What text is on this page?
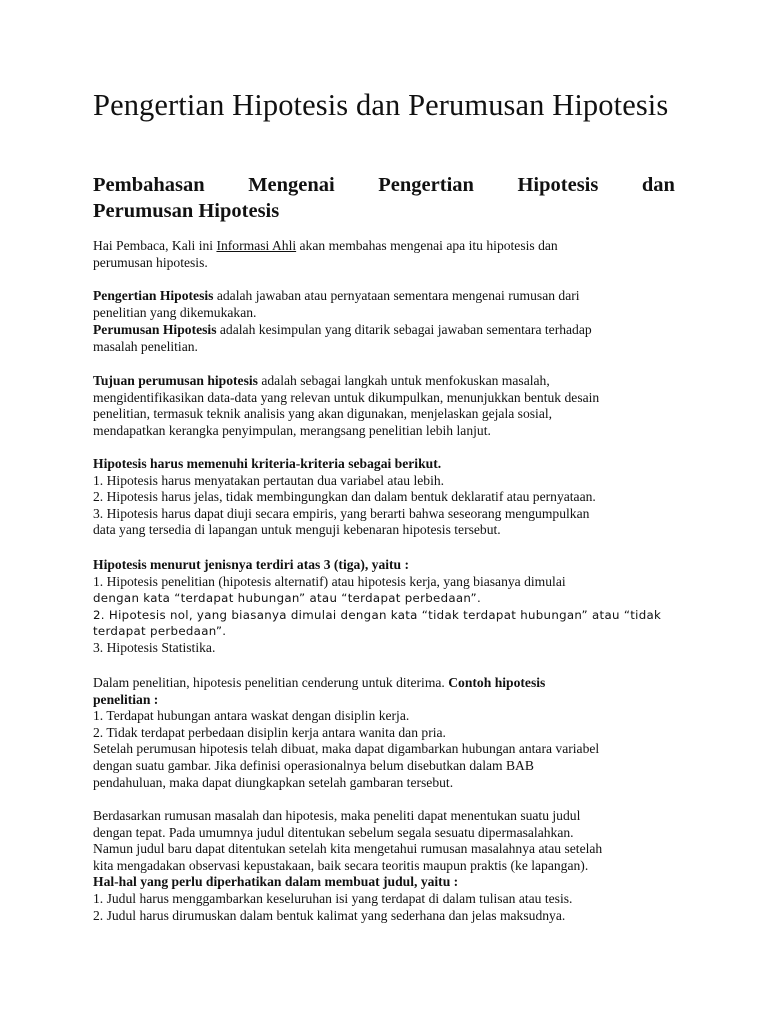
Pengertian Hipotesis dan Perumusan Hipotesis
Pembahasan Mengenai Pengertian Hipotesis dan
Perumusan Hipotesis

Hai Pembaca, Kali ini Informasi Ahli akan membahas mengenai apa itu hipotesis dan
perumusan hipotesis.

Pengertian Hipotesis adalah jawaban atau pernyataan sementara mengenai rumusan dari
penelitian yang dikemukakan.

Perumusan Hipotesis adalah kesimpulan yang ditarik sebagai jawaban sementara terhadap
masalah penelitian.

Tujuan perumusan hipotesis adalah sebagai langkah untuk menfokuskan masalah,
mengidentifikasikan data-data yang relevan untuk dikumpulkan, menunjukkan bentuk desain
penelitian, termasuk teknik analisis yang akan digunakan, menjelaskan gejala sosial,
mendapatkan kerangka penyimpulan, merangsang penelitian lebih lanjut.

Hipotesis harus memenuhi kriteria-kriteria sebagai berikut.
1. Hipotesis harus menyatakan pertautan dua variabel atau lebih.
2. Hipotesis harus jelas, tidak membingungkan dan dalam bentuk deklaratif atau pernyataan.
3. Hipotesis harus dapat diuji secara empiris, yang berarti bahwa seseorang mengumpulkan
data yang tersedia di lapangan untuk menguji kebenaran hipotesis tersebut.

Hipotesis menurut jenisnya terdiri atas 3 (tiga), yaitu :
1. Hipotesis penelitian (hipotesis alternatif) atau hipotesis kerja, yang biasanya dimulai
dengan kata “terdapat hubungan” atau “terdapat perbedaan”.
2. Hipotesis nol, yang biasanya dimulai dengan kata “tidak terdapat hubungan” atau “tidak
terdapat perbedaan”.
3. Hipotesis Statistika.

Dalam penelitian, hipotesis penelitian cenderung untuk diterima. Contoh hipotesis
penelitian :
1. Terdapat hubungan antara waskat dengan disiplin kerja.
2. Tidak terdapat perbedaan disiplin kerja antara wanita dan pria.
Setelah perumusan hipotesis telah dibuat, maka dapat digambarkan hubungan antara variabel
dengan suatu gambar. Jika definisi operasionalnya belum disebutkan dalam BAB
pendahuluan, maka dapat diungkapkan setelah gambaran tersebut.

Berdasarkan rumusan masalah dan hipotesis, maka peneliti dapat menentukan suatu judul
dengan tepat. Pada umumnya judul ditentukan sebelum segala sesuatu dipermasalahkan.
Namun judul baru dapat ditentukan setelah kita mengetahui rumusan masalahnya atau setelah
kita mengadakan observasi kepustakaan, baik secara teoritis maupun praktis (ke lapangan).
Hal-hal yang perlu diperhatikan dalam membuat judul, yaitu :
1. Judul harus menggambarkan keseluruhan isi yang terdapat di dalam tulisan atau tesis.
2. Judul harus dirumuskan dalam bentuk kalimat yang sederhana dan jelas maksudnya.
